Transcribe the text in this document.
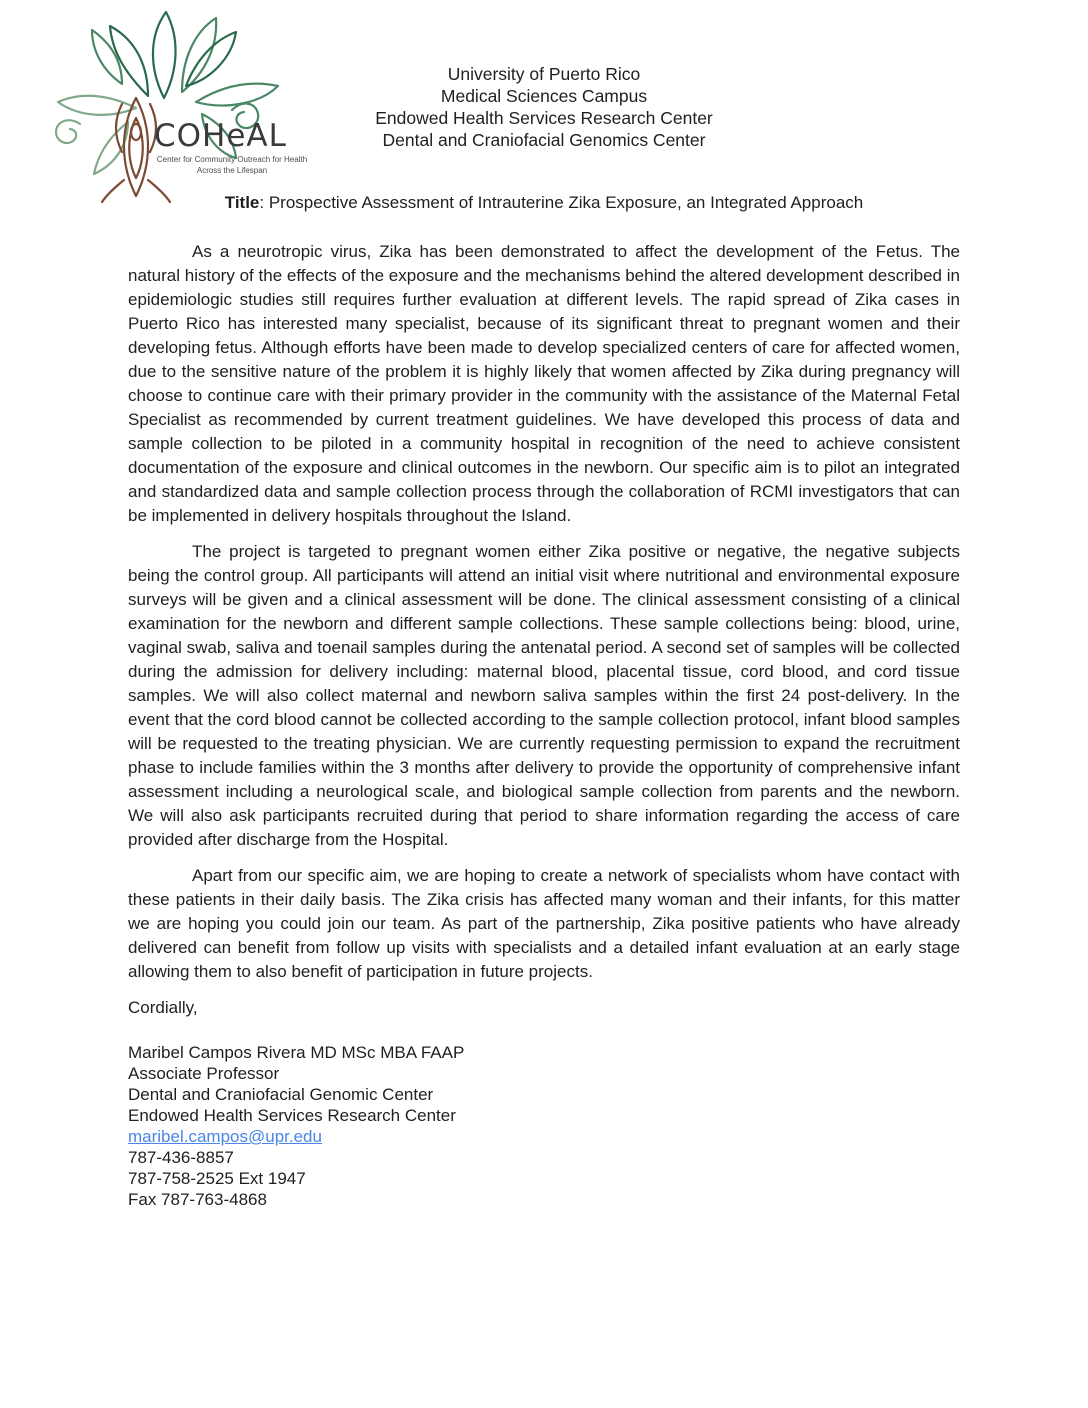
COHeAL
Center for Community Outreach for Health
Across the Lifespan
University of Puerto Rico
Medical Sciences Campus
Endowed Health Services Research Center
Dental and Craniofacial Genomics Center
Title: Prospective Assessment of Intrauterine Zika Exposure, an Integrated Approach

As a neurotropic virus, Zika has been demonstrated to affect the development of the Fetus. The natural history of the effects of the exposure and the mechanisms behind the altered development described in epidemiologic studies still requires further evaluation at different levels. The rapid spread of Zika cases in Puerto Rico has interested many specialist, because of its significant threat to pregnant women and their developing fetus. Although efforts have been made to develop specialized centers of care for affected women, due to the sensitive nature of the problem it is highly likely that women affected by Zika during pregnancy will choose to continue care with their primary provider in the community with the assistance of the Maternal Fetal Specialist as recommended by current treatment guidelines. We have developed this process of data and sample collection to be piloted in a community hospital in recognition of the need to achieve consistent documentation of the exposure and clinical outcomes in the newborn. Our specific aim is to pilot an integrated and standardized data and sample collection process through the collaboration of RCMI investigators that can be implemented in delivery hospitals throughout the Island.

The project is targeted to pregnant women either Zika positive or negative, the negative subjects being the control group. All participants will attend an initial visit where nutritional and environmental exposure surveys will be given and a clinical assessment will be done. The clinical assessment consisting of a clinical examination for the newborn and different sample collections. These sample collections being: blood, urine, vaginal swab, saliva and toenail samples during the antenatal period. A second set of samples will be collected during the admission for delivery including: maternal blood, placental tissue, cord blood, and cord tissue samples. We will also collect maternal and newborn saliva samples within the first 24 post-delivery. In the event that the cord blood cannot be collected according to the sample collection protocol, infant blood samples will be requested to the treating physician. We are currently requesting permission to expand the recruitment phase to include families within the 3 months after delivery to provide the opportunity of comprehensive infant assessment including a neurological scale, and biological sample collection from parents and the newborn. We will also ask participants recruited during that period to share information regarding the access of care provided after discharge from the Hospital.

Apart from our specific aim, we are hoping to create a network of specialists whom have contact with these patients in their daily basis. The Zika crisis has affected many woman and their infants, for this matter we are hoping you could join our team. As part of the partnership, Zika positive patients who have already delivered can benefit from follow up visits with specialists and a detailed infant evaluation at an early stage allowing them to also benefit of participation in future projects.

Cordially,
Maribel Campos Rivera MD MSc MBA FAAP
Associate Professor
Dental and Craniofacial Genomic Center
Endowed Health Services Research Center
maribel.campos@upr.edu
787-436-8857
787-758-2525 Ext 1947
Fax 787-763-4868
